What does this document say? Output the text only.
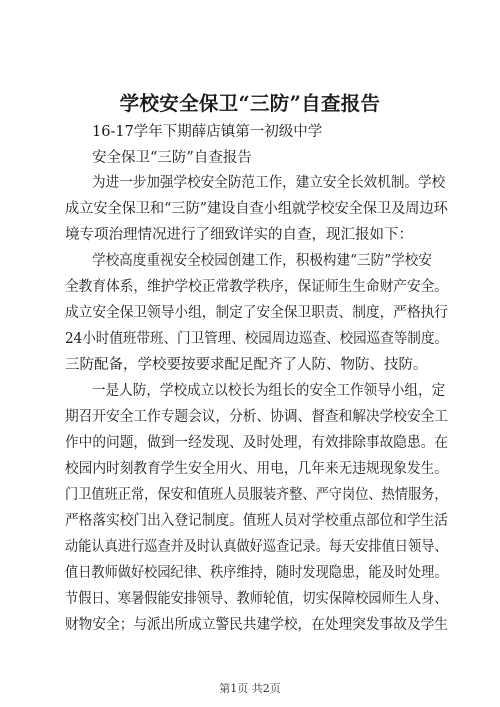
学校安全保卫“三防”自查报告
16-17学年下期薛店镇第一初级中学
安全保卫“三防”自查报告
为进一步加强学校安全防范工作，建立安全长效机制。学校
成立安全保卫和“三防”建设自查小组就学校安全保卫及周边环
境专项治理情况进行了细致详实的自查，现汇报如下：
学校高度重视安全校园创建工作，积极构建“三防”学校安
全教育体系，维护学校正常教学秩序，保证师生生命财产安全。
成立安全保卫领导小组，制定了安全保卫职责、制度，严格执行
24小时值班带班、门卫管理、校园周边巡查、校园巡查等制度。
三防配备，学校要按要求配足配齐了人防、物防、技防。
一是人防，学校成立以校长为组长的安全工作领导小组，定
期召开安全工作专题会议，分析、协调、督查和解决学校安全工
作中的问题，做到一经发现、及时处理，有效排除事故隐患。在
校园内时刻教育学生安全用火、用电，几年来无违规现象发生。
门卫值班正常，保安和值班人员服装齐整、严守岗位、热情服务，
严格落实校门出入登记制度。值班人员对学校重点部位和学生活
动能认真进行巡查并及时认真做好巡查记录。每天安排值日领导、
值日教师做好校园纪律、秩序维持，随时发现隐患，能及时处理。
节假日、寒暑假能安排领导、教师轮值，切实保障校园师生人身、
财物安全；与派出所成立警民共建学校，在处理突发事故及学生
第1页 共2页
